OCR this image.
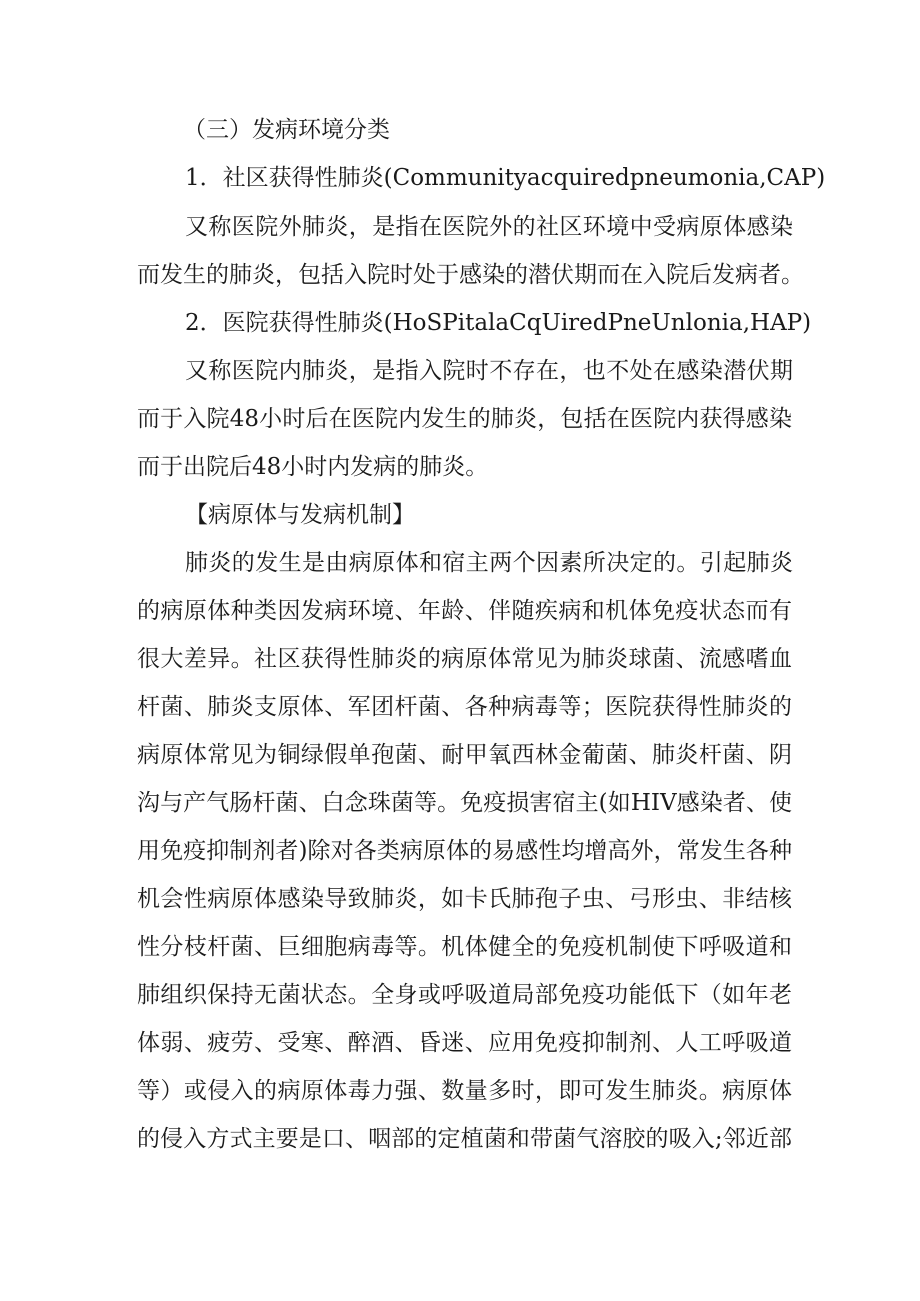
（三）发病环境分类

1．社区获得性肺炎(Communityacquiredpneumonia,CAP)

又称医院外肺炎，是指在医院外的社区环境中受病原体感染

而发生的肺炎，包括入院时处于感染的潜伏期而在入院后发病者。

2．医院获得性肺炎(HoSPitalaCqUiredPneUnlonia,HAP)

又称医院内肺炎，是指入院时不存在，也不处在感染潜伏期

而于入院48小时后在医院内发生的肺炎，包括在医院内获得感染

而于出院后48小时内发病的肺炎。

【病原体与发病机制】

肺炎的发生是由病原体和宿主两个因素所决定的。引起肺炎

的病原体种类因发病环境、年龄、伴随疾病和机体免疫状态而有

很大差异。社区获得性肺炎的病原体常见为肺炎球菌、流感嗜血

杆菌、肺炎支原体、军团杆菌、各种病毒等；医院获得性肺炎的

病原体常见为铜绿假单孢菌、耐甲氧西林金葡菌、肺炎杆菌、阴

沟与产气肠杆菌、白念珠菌等。免疫损害宿主(如HIV感染者、使

用免疫抑制剂者)除对各类病原体的易感性均增高外，常发生各种

机会性病原体感染导致肺炎，如卡氏肺孢子虫、弓形虫、非结核

性分枝杆菌、巨细胞病毒等。机体健全的免疫机制使下呼吸道和

肺组织保持无菌状态。全身或呼吸道局部免疫功能低下（如年老

体弱、疲劳、受寒、醉酒、昏迷、应用免疫抑制剂、人工呼吸道

等）或侵入的病原体毒力强、数量多时，即可发生肺炎。病原体

的侵入方式主要是口、咽部的定植菌和带菌气溶胶的吸入;邻近部
